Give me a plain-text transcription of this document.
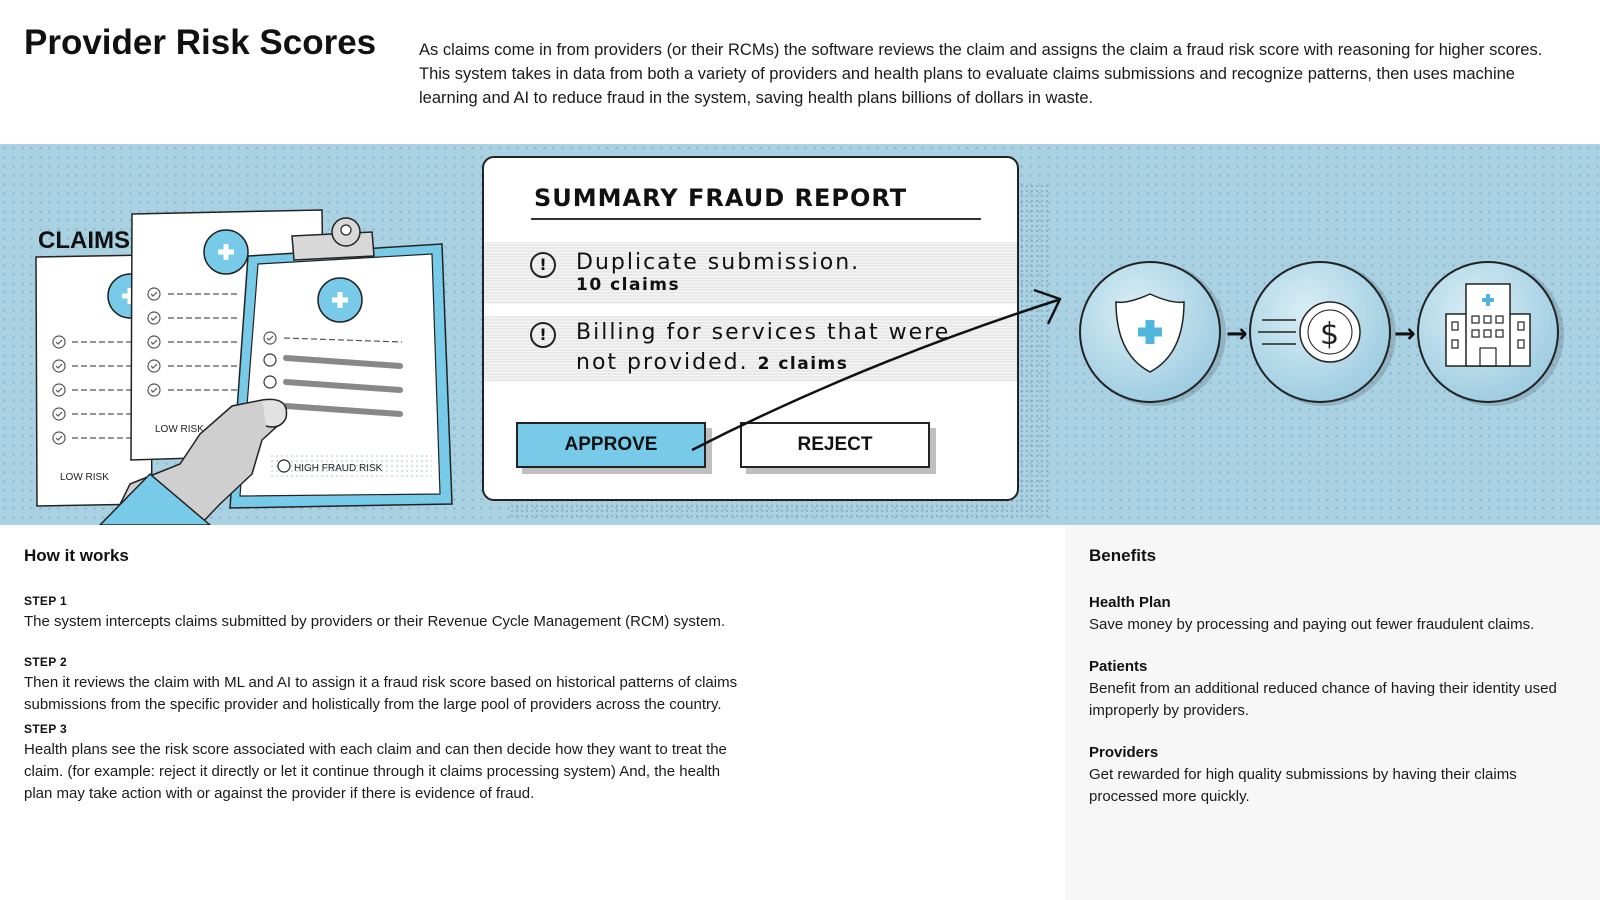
Provider Risk Scores	As claims come in from providers (or their RCMs) the software reviews the claim and assigns the claim a fraud risk score with reasoning for higher scores. This system takes in data from both a variety of providers and health plans to evaluate claims submissions and recognize patterns, then uses machine learning and AI to reduce fraud in the system, saving health plans billions of dollars in waste.

LOW RISK
CLAIMS
LOW RISK
HIGH FRAUD RISK
→ $ →
SUMMARY FRAUD REPORT
!	Duplicate submission.
10 claims
!	Billing for services that were
not provided. 2 claims
APPROVE	REJECT
How it works

STEP 1

The system intercepts claims submitted by providers or their Revenue Cycle Management (RCM) system.

STEP 2

Then it reviews the claim with ML and AI to assign it a fraud risk score based on historical patterns of claims submissions from the specific provider and holistically from the large pool of providers across the country.

STEP 3

Health plans see the risk score associated with each claim and can then decide how they want to treat the claim. (for example: reject it directly or let it continue through it claims processing system) And, the health plan may take action with or against the provider if there is evidence of fraud.

Benefits

Health Plan

Save money by processing and paying out fewer fraudulent claims.

Patients

Benefit from an additional reduced chance of having their identity used improperly by providers.

Providers

Get rewarded for high quality submissions by having their claims processed more quickly.
